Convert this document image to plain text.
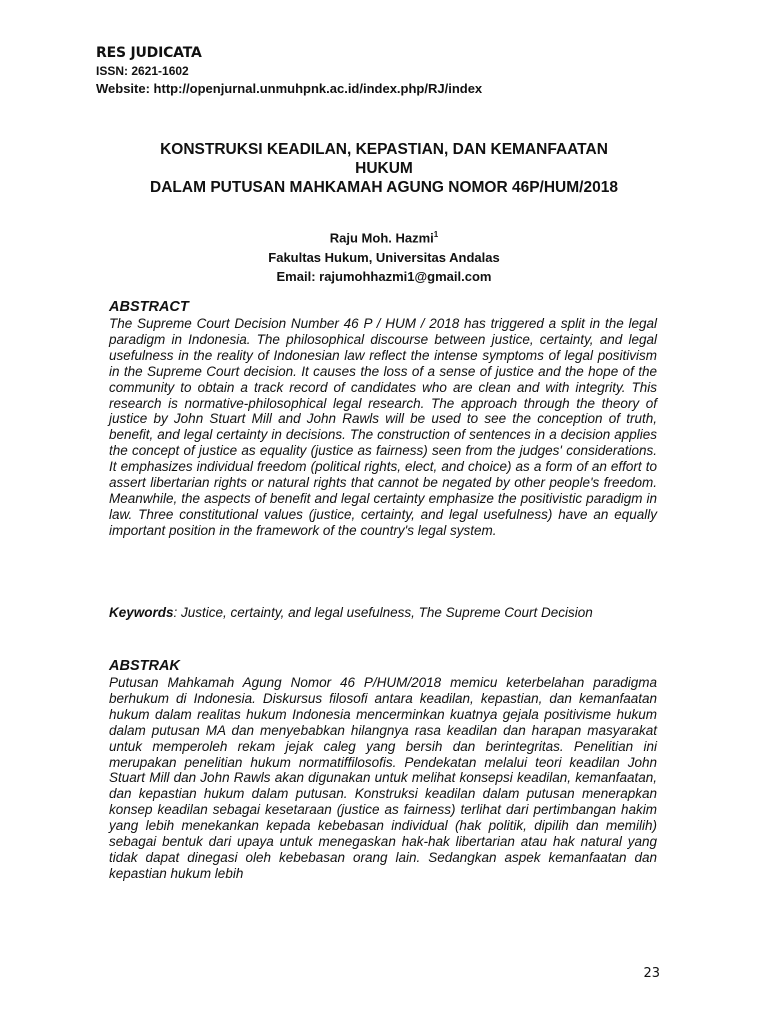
RES JUDICATA
ISSN: 2621-1602
Website: http://openjurnal.unmuhpnk.ac.id/index.php/RJ/index
KONSTRUKSI KEADILAN, KEPASTIAN, DAN KEMANFAATAN
HUKUM
DALAM PUTUSAN MAHKAMAH AGUNG NOMOR 46P/HUM/2018
Raju Moh. Hazmi$^1$
Fakultas Hukum, Universitas Andalas
Email: rajumohhazmi1@gmail.com
ABSTRACT
The Supreme Court Decision Number 46 P / HUM / 2018 has triggered a split in the legal paradigm in Indonesia. The philosophical discourse between justice, certainty, and legal usefulness in the reality of Indonesian law reflect the intense symptoms of legal positivism in the Supreme Court decision. It causes the loss of a sense of justice and the hope of the community to obtain a track record of candidates who are clean and with integrity. This research is normative-philosophical legal research. The approach through the theory of justice by John Stuart Mill and John Rawls will be used to see the conception of truth, benefit, and legal certainty in decisions. The construction of sentences in a decision applies the concept of justice as equality (justice as fairness) seen from the judges' considerations. It emphasizes individual freedom (political rights, elect, and choice) as a form of an effort to assert libertarian rights or natural rights that cannot be negated by other people's freedom. Meanwhile, the aspects of benefit and legal certainty emphasize the positivistic paradigm in law. Three constitutional values (justice, certainty, and legal usefulness) have an equally important position in the framework of the country's legal system.
Keywords: Justice, certainty, and legal usefulness, The Supreme Court Decision
ABSTRAK
Putusan Mahkamah Agung Nomor 46 P/HUM/2018 memicu keterbelahan paradigma berhukum di Indonesia. Diskursus filosofi antara keadilan, kepastian, dan kemanfaatan hukum dalam realitas hukum Indonesia mencerminkan kuatnya gejala positivisme hukum dalam putusan MA dan menyebabkan hilangnya rasa keadilan dan harapan masyarakat untuk memperoleh rekam jejak caleg yang bersih dan berintegritas. Penelitian ini merupakan penelitian hukum normatiffilosofis. Pendekatan melalui teori keadilan John Stuart Mill dan John Rawls akan digunakan untuk melihat konsepsi keadilan, kemanfaatan, dan kepastian hukum dalam putusan. Konstruksi keadilan dalam putusan menerapkan konsep keadilan sebagai kesetaraan (justice as fairness) terlihat dari pertimbangan hakim yang lebih menekankan kepada kebebasan individual (hak politik, dipilih dan memilih) sebagai bentuk dari upaya untuk menegaskan hak-hak libertarian atau hak natural yang tidak dapat dinegasi oleh kebebasan orang lain. Sedangkan aspek kemanfaatan dan kepastian hukum lebih
23
